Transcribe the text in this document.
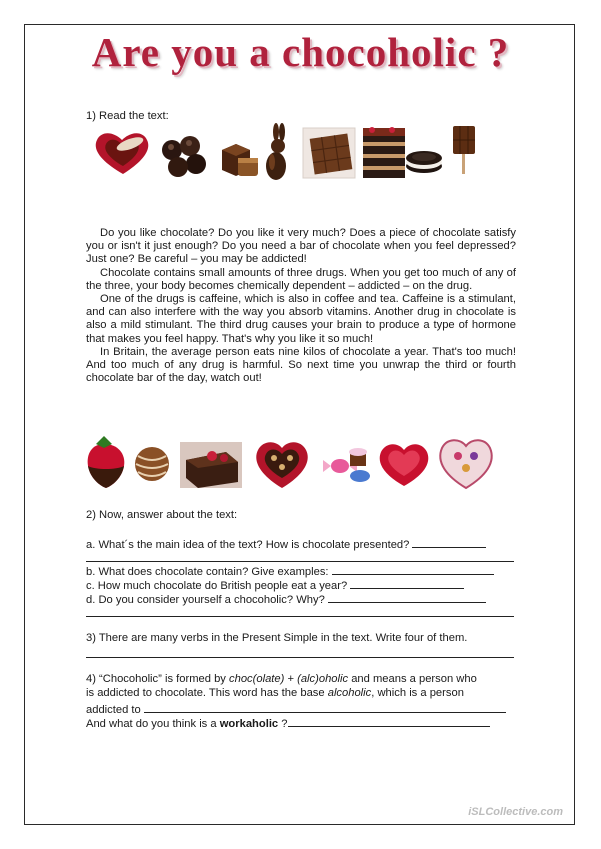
Are you a chocoholic ?
1) Read the text:

Do you like chocolate? Do you like it very much? Does a piece of chocolate satisfy you or isn't it just enough? Do you need a bar of chocolate when you feel depressed? Just one? Be careful – you may be addicted!

Chocolate contains small amounts of three drugs. When you get too much of any of the three, your body becomes chemically dependent – addicted – on the drug.

One of the drugs is caffeine, which is also in coffee and tea. Caffeine is a stimulant, and can also interfere with the way you absorb vitamins. Another drug in chocolate is also a mild stimulant. The third drug causes your brain to produce a type of hormone that makes you feel happy. That's why you like it so much!

In Britain, the average person eats nine kilos of chocolate a year. That's too much! And too much of any drug is harmful. So next time you unwrap the third or fourth chocolate bar of the day, watch out!

2) Now, answer about the text:
a. What´s the main idea of the text? How is chocolate presented?
b. What does chocolate contain? Give examples:
c. How much chocolate do British people eat a year?
d. Do you consider yourself a chocoholic? Why?
3) There are many verbs in the Present Simple in the text. Write four of them.
4) “Chocoholic” is formed by choc(olate) + (alc)oholic and means a person who
is addicted to chocolate. This word has the base alcoholic, which is a person
addicted to
And what do you think is a workaholic ?
iSLCollective.com
